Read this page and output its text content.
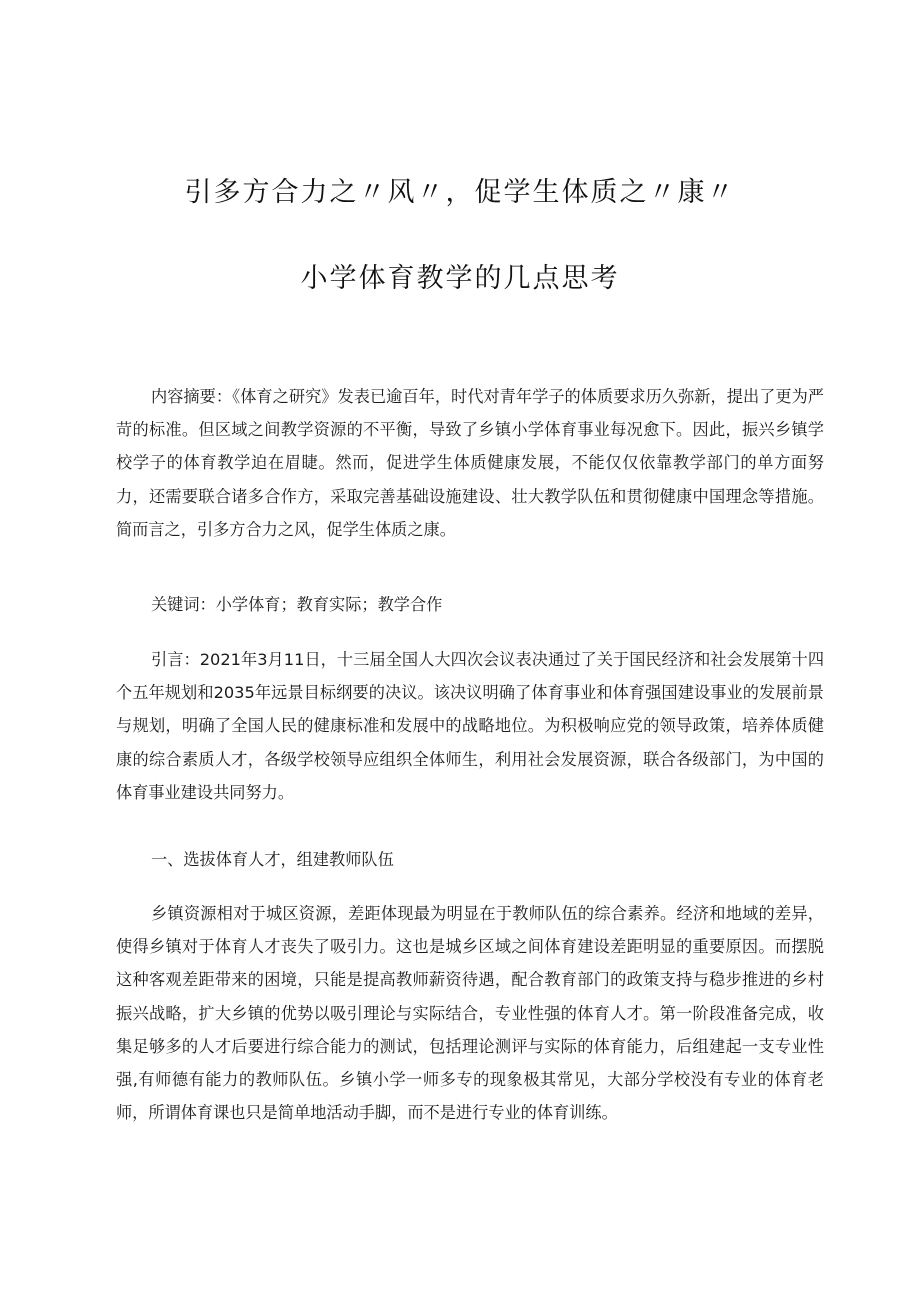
引多方合力之〃风〃，促学生体质之〃康〃
小学体育教学的几点思考
内容摘要：《体育之研究》发表已逾百年，时代对青年学子的体质要求历久弥新，提出了更为严苛的标准。但区域之间教学资源的不平衡，导致了乡镇小学体育事业每况愈下。因此，振兴乡镇学校学子的体育教学迫在眉睫。然而，促进学生体质健康发展，不能仅仅依靠教学部门的单方面努力，还需要联合诸多合作方，采取完善基础设施建设、壮大教学队伍和贯彻健康中国理念等措施。简而言之，引多方合力之风，促学生体质之康。
关键词：小学体育；教育实际；教学合作
引言：2021年3月11日，十三届全国人大四次会议表决通过了关于国民经济和社会发展第十四个五年规划和2035年远景目标纲要的决议。该决议明确了体育事业和体育强国建设事业的发展前景与规划，明确了全国人民的健康标准和发展中的战略地位。为积极响应党的领导政策，培养体质健康的综合素质人才，各级学校领导应组织全体师生，利用社会发展资源，联合各级部门，为中国的体育事业建设共同努力。
一、选拔体育人才，组建教师队伍
乡镇资源相对于城区资源，差距体现最为明显在于教师队伍的综合素养。经济和地域的差异，使得乡镇对于体育人才丧失了吸引力。这也是城乡区域之间体育建设差距明显的重要原因。而摆脱这种客观差距带来的困境，只能是提高教师薪资待遇，配合教育部门的政策支持与稳步推进的乡村振兴战略，扩大乡镇的优势以吸引理论与实际结合，专业性强的体育人才。第一阶段准备完成，收集足够多的人才后要进行综合能力的测试，包括理论测评与实际的体育能力，后组建起一支专业性强,有师德有能力的教师队伍。乡镇小学一师多专的现象极其常见，大部分学校没有专业的体育老师，所谓体育课也只是简单地活动手脚，而不是进行专业的体育训练。
